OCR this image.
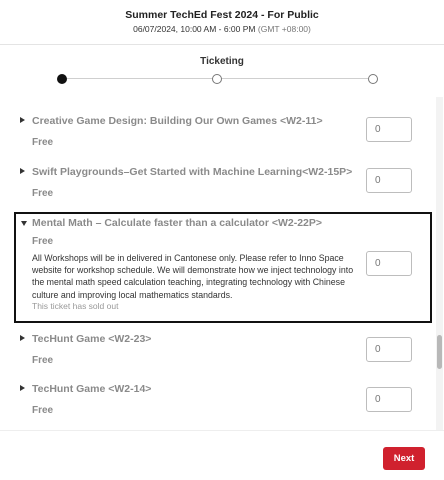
Summer TechEd Fest 2024 - For Public
06/07/2024, 10:00 AM - 6:00 PM (GMT +08:00)
Ticketing
Creative Game Design: Building Our Own Games <W2-11>
Free
0
Swift Playgrounds–Get Started with Machine Learning<W2-15P>
Free
0
Mental Math – Calculate faster than a calculator <W2-22P>
Free
All Workshops will be in delivered in Cantonese only. Please refer to Inno Space website for workshop schedule. We will demonstrate how we inject technology into the mental math speed calculation teaching, integrating technology with Chinese culture and improving local mathematics standards.
This ticket has sold out
0
TecHunt Game <W2-23>
Free
0
TecHunt Game <W2-14>
Free
0
Next
